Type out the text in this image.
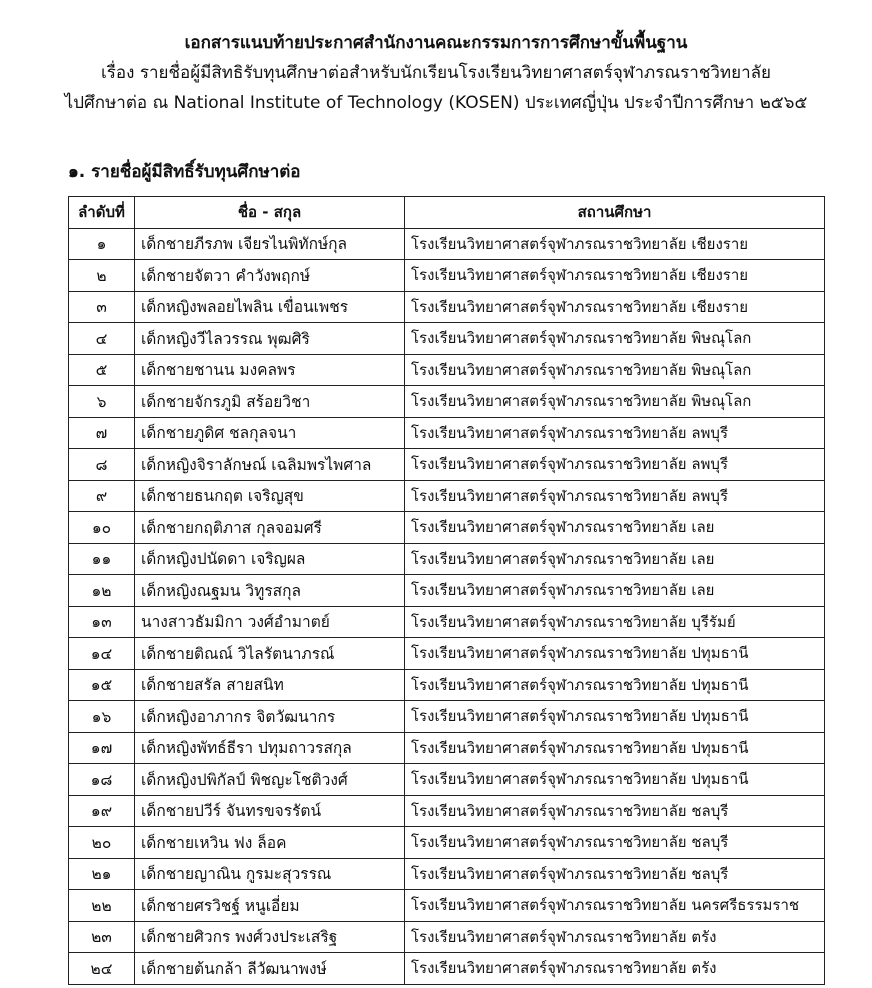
เอกสารแนบท้ายประกาศสำนักงานคณะกรรมการการศึกษาขั้นพื้นฐาน
เรื่อง รายชื่อผู้มีสิทธิรับทุนศึกษาต่อสำหรับนักเรียนโรงเรียนวิทยาศาสตร์จุฬาภรณราชวิทยาลัย
ไปศึกษาต่อ ณ National Institute of Technology (KOSEN) ประเทศญี่ปุ่น ประจำปีการศึกษา ๒๕๖๕
๑. รายชื่อผู้มีสิทธิ์รับทุนศึกษาต่อ
ลำดับที่	ชื่อ - สกุล	สถานศึกษา
๑	เด็กชายภีรภพ เจียรไนพิทักษ์กุล	โรงเรียนวิทยาศาสตร์จุฬาภรณราชวิทยาลัย เชียงราย
๒	เด็กชายจัตวา คำวังพฤกษ์	โรงเรียนวิทยาศาสตร์จุฬาภรณราชวิทยาลัย เชียงราย
๓	เด็กหญิงพลอยไพลิน เขื่อนเพชร	โรงเรียนวิทยาศาสตร์จุฬาภรณราชวิทยาลัย เชียงราย
๔	เด็กหญิงวีไลวรรณ พุฒศิริ	โรงเรียนวิทยาศาสตร์จุฬาภรณราชวิทยาลัย พิษณุโลก
๕	เด็กชายชานน มงคลพร	โรงเรียนวิทยาศาสตร์จุฬาภรณราชวิทยาลัย พิษณุโลก
๖	เด็กชายจักรภูมิ สร้อยวิชา	โรงเรียนวิทยาศาสตร์จุฬาภรณราชวิทยาลัย พิษณุโลก
๗	เด็กชายภูดิศ ชลกุลจนา	โรงเรียนวิทยาศาสตร์จุฬาภรณราชวิทยาลัย ลพบุรี
๘	เด็กหญิงจิราลักษณ์ เฉลิมพรไพศาล	โรงเรียนวิทยาศาสตร์จุฬาภรณราชวิทยาลัย ลพบุรี
๙	เด็กชายธนกฤต เจริญสุข	โรงเรียนวิทยาศาสตร์จุฬาภรณราชวิทยาลัย ลพบุรี
๑๐	เด็กชายกฤติภาส กุลจอมศรี	โรงเรียนวิทยาศาสตร์จุฬาภรณราชวิทยาลัย เลย
๑๑	เด็กหญิงปนัดดา เจริญผล	โรงเรียนวิทยาศาสตร์จุฬาภรณราชวิทยาลัย เลย
๑๒	เด็กหญิงณฐมน วิทูรสกุล	โรงเรียนวิทยาศาสตร์จุฬาภรณราชวิทยาลัย เลย
๑๓	นางสาวธัมมิกา วงศ์อำมาตย์	โรงเรียนวิทยาศาสตร์จุฬาภรณราชวิทยาลัย บุรีรัมย์
๑๔	เด็กชายติณณ์ วิไลรัตนาภรณ์	โรงเรียนวิทยาศาสตร์จุฬาภรณราชวิทยาลัย ปทุมธานี
๑๕	เด็กชายสรัล สายสนิท	โรงเรียนวิทยาศาสตร์จุฬาภรณราชวิทยาลัย ปทุมธานี
๑๖	เด็กหญิงอาภากร จิตวัฒนากร	โรงเรียนวิทยาศาสตร์จุฬาภรณราชวิทยาลัย ปทุมธานี
๑๗	เด็กหญิงพัทธ์ธีรา ปทุมถาวรสกุล	โรงเรียนวิทยาศาสตร์จุฬาภรณราชวิทยาลัย ปทุมธานี
๑๘	เด็กหญิงปพิกัลป์ พิชญะโชติวงศ์	โรงเรียนวิทยาศาสตร์จุฬาภรณราชวิทยาลัย ปทุมธานี
๑๙	เด็กชายปวีร์ จันทรขจรรัตน์	โรงเรียนวิทยาศาสตร์จุฬาภรณราชวิทยาลัย ชลบุรี
๒๐	เด็กชายเหวิน ฟง ล็อค	โรงเรียนวิทยาศาสตร์จุฬาภรณราชวิทยาลัย ชลบุรี
๒๑	เด็กชายญาณิน กูรมะสุวรรณ	โรงเรียนวิทยาศาสตร์จุฬาภรณราชวิทยาลัย ชลบุรี
๒๒	เด็กชายศรวิชฐ์ หนูเอี่ยม	โรงเรียนวิทยาศาสตร์จุฬาภรณราชวิทยาลัย นครศรีธรรมราช
๒๓	เด็กชายศิวกร พงศ์วงประเสริฐ	โรงเรียนวิทยาศาสตร์จุฬาภรณราชวิทยาลัย ตรัง
๒๔	เด็กชายต้นกล้า ลีวัฒนาพงษ์	โรงเรียนวิทยาศาสตร์จุฬาภรณราชวิทยาลัย ตรัง
